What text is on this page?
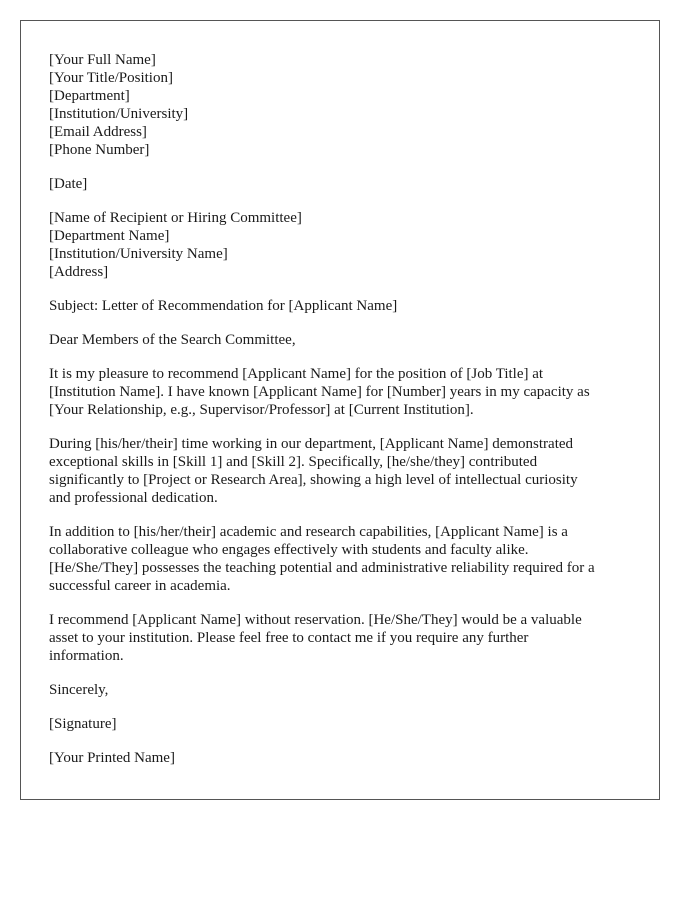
[Your Full Name]
[Your Title/Position]
[Department]
[Institution/University]
[Email Address]
[Phone Number]
[Date]
[Name of Recipient or Hiring Committee]
[Department Name]
[Institution/University Name]
[Address]
Subject: Letter of Recommendation for [Applicant Name]
Dear Members of the Search Committee,

It is my pleasure to recommend [Applicant Name] for the position of [Job Title] at
[Institution Name]. I have known [Applicant Name] for [Number] years in my capacity as
[Your Relationship, e.g., Supervisor/Professor] at [Current Institution].

During [his/her/their] time working in our department, [Applicant Name] demonstrated
exceptional skills in [Skill 1] and [Skill 2]. Specifically, [he/she/they] contributed
significantly to [Project or Research Area], showing a high level of intellectual curiosity
and professional dedication.

In addition to [his/her/their] academic and research capabilities, [Applicant Name] is a
collaborative colleague who engages effectively with students and faculty alike.
[He/She/They] possesses the teaching potential and administrative reliability required for a
successful career in academia.

I recommend [Applicant Name] without reservation. [He/She/They] would be a valuable
asset to your institution. Please feel free to contact me if you require any further
information.

Sincerely,
[Signature]
[Your Printed Name]
